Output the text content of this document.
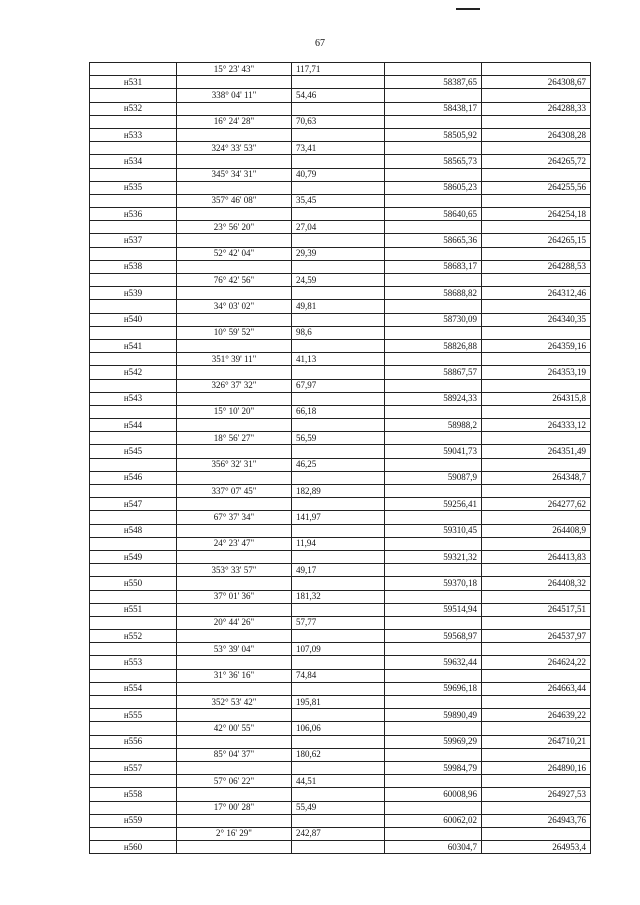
67
	15° 23' 43"	117,71		
н531			58387,65	264308,67
	338° 04' 11"	54,46		
н532			58438,17	264288,33
	16° 24' 28"	70,63		
н533			58505,92	264308,28
	324° 33' 53"	73,41		
н534			58565,73	264265,72
	345° 34' 31"	40,79		
н535			58605,23	264255,56
	357° 46' 08"	35,45		
н536			58640,65	264254,18
	23° 56' 20"	27,04		
н537			58665,36	264265,15
	52° 42' 04"	29,39		
н538			58683,17	264288,53
	76° 42' 56"	24,59		
н539			58688,82	264312,46
	34° 03' 02"	49,81		
н540			58730,09	264340,35
	10° 59' 52"	98,6		
н541			58826,88	264359,16
	351° 39' 11"	41,13		
н542			58867,57	264353,19
	326° 37' 32"	67,97		
н543			58924,33	264315,8
	15° 10' 20"	66,18		
н544			58988,2	264333,12
	18° 56' 27"	56,59		
н545			59041,73	264351,49
	356° 32' 31"	46,25		
н546			59087,9	264348,7
	337° 07' 45"	182,89		
н547			59256,41	264277,62
	67° 37' 34"	141,97		
н548			59310,45	264408,9
	24° 23' 47"	11,94		
н549			59321,32	264413,83
	353° 33' 57"	49,17		
н550			59370,18	264408,32
	37° 01' 36"	181,32		
н551			59514,94	264517,51
	20° 44' 26"	57,77		
н552			59568,97	264537,97
	53° 39' 04"	107,09		
н553			59632,44	264624,22
	31° 36' 16"	74,84		
н554			59696,18	264663,44
	352° 53' 42"	195,81		
н555			59890,49	264639,22
	42° 00' 55"	106,06		
н556			59969,29	264710,21
	85° 04' 37"	180,62		
н557			59984,79	264890,16
	57° 06' 22"	44,51		
н558			60008,96	264927,53
	17° 00' 28"	55,49		
н559			60062,02	264943,76
	2° 16' 29"	242,87		
н560			60304,7	264953,4
